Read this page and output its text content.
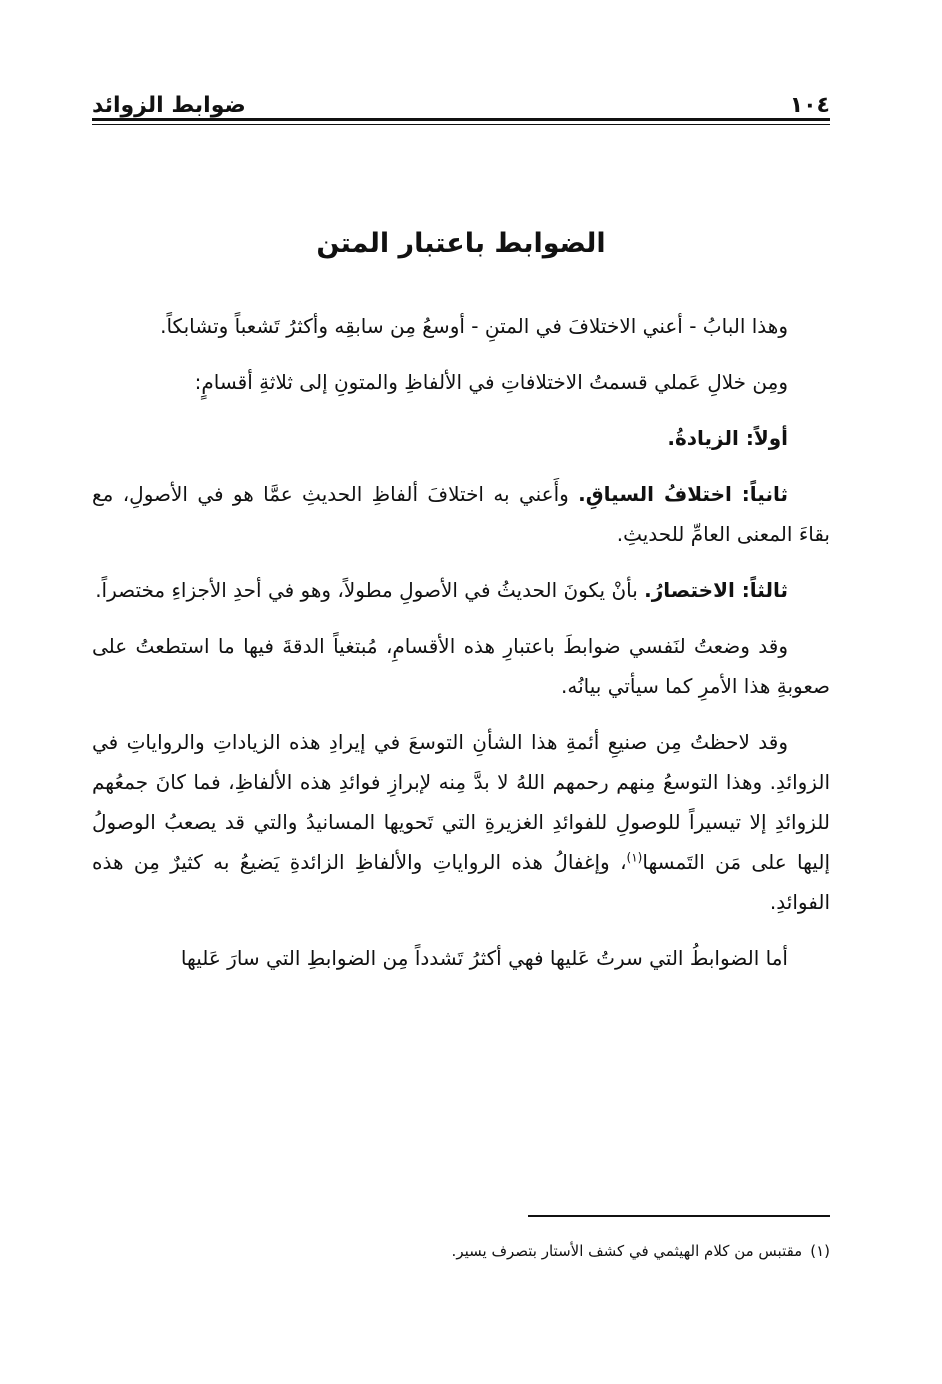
١٠٤
ضوابط الزوائد
الضوابط باعتبار المتن

وهذا البابُ - أعني الاختلافَ في المتنِ - أوسعُ مِن سابقِه وأكثرُ تَشعباً وتشابكاً.

ومِن خلالِ عَملي قسمتُ الاختلافاتِ في الألفاظِ والمتونِ إلى ثلاثةِ أقسامٍ:

أولاً: الزيادةُ.

ثانياً: اختلافُ السياقِ. وأَعني به اختلافَ ألفاظِ الحديثِ عمَّا هو في الأصولِ، مع بقاءَ المعنى العامِّ للحديثِ.

ثالثاً: الاختصارُ. بأنْ يكونَ الحديثُ في الأصولِ مطولاً، وهو في أحدِ الأجزاءِ مختصراً.

وقد وضعتُ لنَفسي ضوابطَ باعتبارِ هذه الأقسامِ، مُبتغياً الدقةَ فيها ما استطعتُ على صعوبةِ هذا الأمرِ كما سيأتي بيانُه.

وقد لاحظتُ مِن صنيعِ أئمةِ هذا الشأنِ التوسعَ في إيرادِ هذه الزياداتِ والرواياتِ في الزوائدِ. وهذا التوسعُ مِنهم رحمهم اللهُ لا بدَّ مِنه لإبرازِ فوائدِ هذه الألفاظِ، فما كانَ جمعُهم للزوائدِ إلا تيسيراً للوصولِ للفوائدِ الغزيرةِ التي تَحويها المسانيدُ والتي قد يصعبُ الوصولُ إليها على مَن التَمسها$^{(١)}$، وإغفالُ هذه الرواياتِ والألفاظِ الزائدةِ يَضيعُ به كثيرٌ مِن هذه الفوائدِ.

أما الضوابطُ التي سرتُ عَليها فهي أكثرُ تَشدداً مِن الضوابطِ التي سارَ عَليها

(١)مقتبس من كلام الهيثمي في كشف الأستار بتصرف يسير.
